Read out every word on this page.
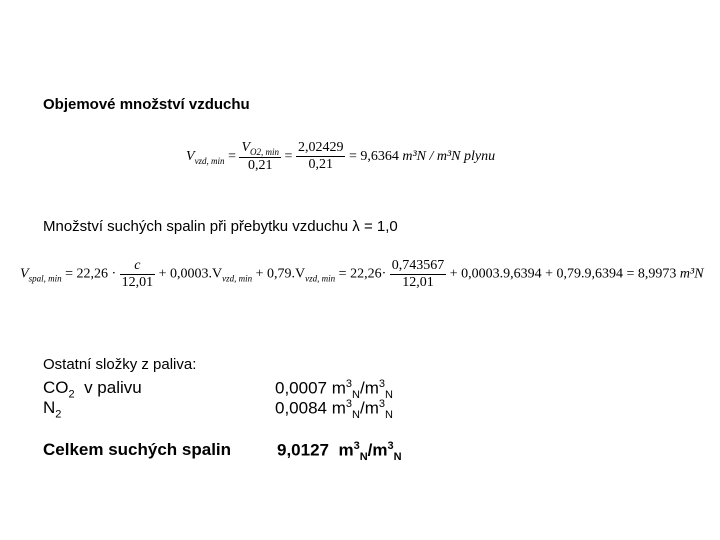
Objemové množství vzduchu
$V_{vzd, min} = \frac{V_{O2, min}}{0,21} = \frac{2,02429}{0,21} = 9,6364$ m³N / m³N plynu
Množství suchých spalin při přebytku vzduchu λ = 1,0
$V_{spal, min} = 22,26 \cdot \frac{c}{12,01} + 0,0003.V_{vzd, min} + 0,79.V_{vzd, min} = 22,26\cdot \frac{0,743567}{12,01} + 0,0003.9,6394 + 0,79.9,6394 = 8,9973$ m³N
Ostatní složky z paliva:
$CO_2$  v palivu	0,0007 $m^3_N/m^3_N$
$N_2$	0,0084 $m^3_N/m^3_N$
Celkem suchých spalin	9,0127  $m^3_N/m^3_N$
